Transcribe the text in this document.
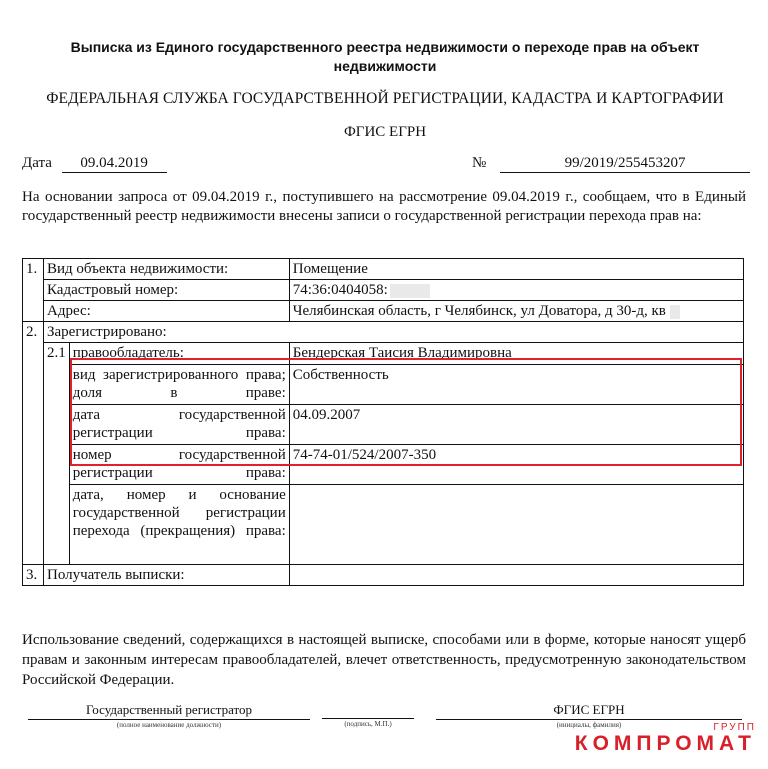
Выписка из Единого государственного реестра недвижимости о переходе прав на объект недвижимости
ФЕДЕРАЛЬНАЯ СЛУЖБА ГОСУДАРСТВЕННОЙ РЕГИСТРАЦИИ, КАДАСТРА И КАРТОГРАФИИ
ФГИС ЕГРН
Дата 09.04.2019	№	99/2019/255453207
На основании запроса от 09.04.2019 г., поступившего на рассмотрение 09.04.2019 г., сообщаем, что в Единый государственный реестр недвижимости внесены записи о государственной регистрации перехода прав на:
1.	Вид объекта недвижимости:		Помещение
	Кадастровый номер:		74:36:0404058:
	Адрес:		Челябинская область, г Челябинск, ул Доватора, д 30-д, кв
2.	Зарегистрировано:		
	2.1	правообладатель:	Бендерская Таисия Владимировна
		вид зарегистрированного права; доля в праве:	Собственность
		дата государственной регистрации права:	04.09.2007
		номер государственной регистрации права:	74-74-01/524/2007-350
		дата, номер и основание государственной регистрации перехода (прекращения) права:	
3.	Получатель выписки:		
Использование сведений, содержащихся в настоящей выписке, способами или в форме, которые наносят ущерб правам и законным интересам правообладателей, влечет ответственность, предусмотренную законодательством Российской Федерации.
Государственный регистратор
(полное наименование должности)	(подпись, М.П.)
ФГИС ЕГРН
(инициалы, фамилия)	ГРУПП
КОМПРОМАТ
